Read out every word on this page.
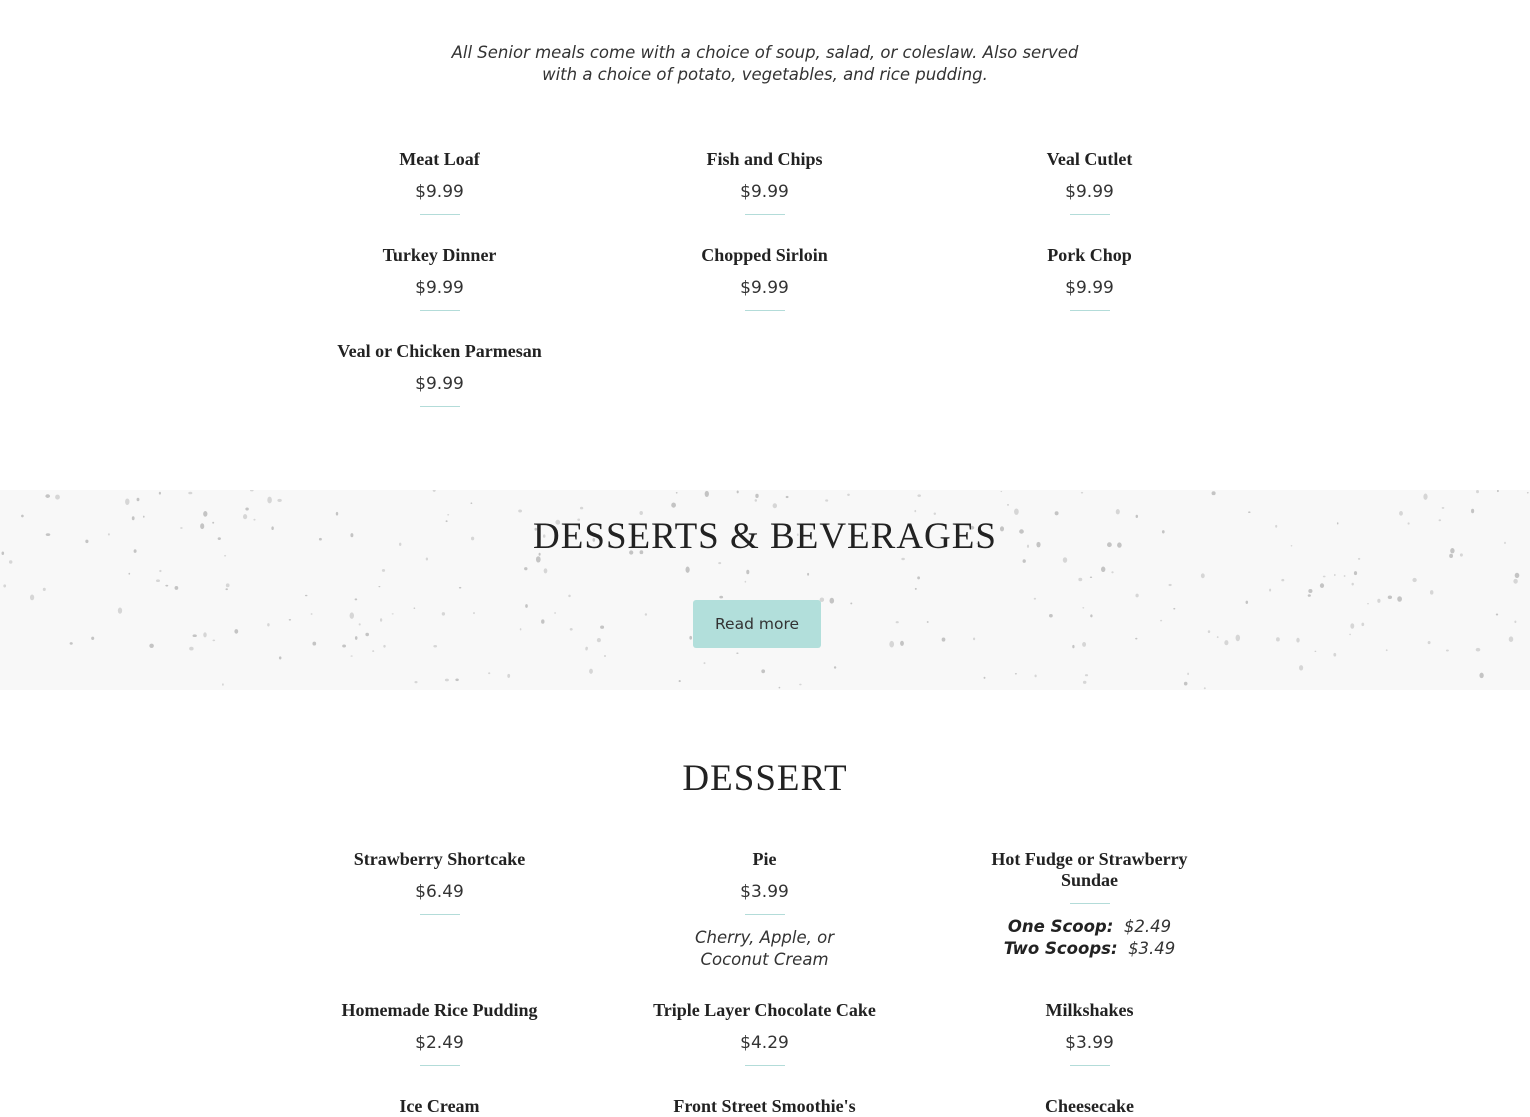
All Senior meals come with a choice of soup, salad, or coleslaw. Also served with a choice of potato, vegetables, and rice pudding.
Meat Loaf
$9.99
Fish and Chips
$9.99
Veal Cutlet
$9.99
Turkey Dinner
$9.99
Chopped Sirloin
$9.99
Pork Chop
$9.99
Veal or Chicken Parmesan
$9.99
DESSERTS & BEVERAGES
Read more
DESSERT
Strawberry Shortcake
$6.49
Pie
$3.99
Cherry, Apple, or Coconut Cream
Hot Fudge or Strawberry Sundae
One Scoop: $2.49
Two Scoops: $3.49
Homemade Rice Pudding
$2.49
Triple Layer Chocolate Cake
$4.29
Milkshakes
$3.99
Ice Cream	Front Street Smoothie's	Cheesecake
